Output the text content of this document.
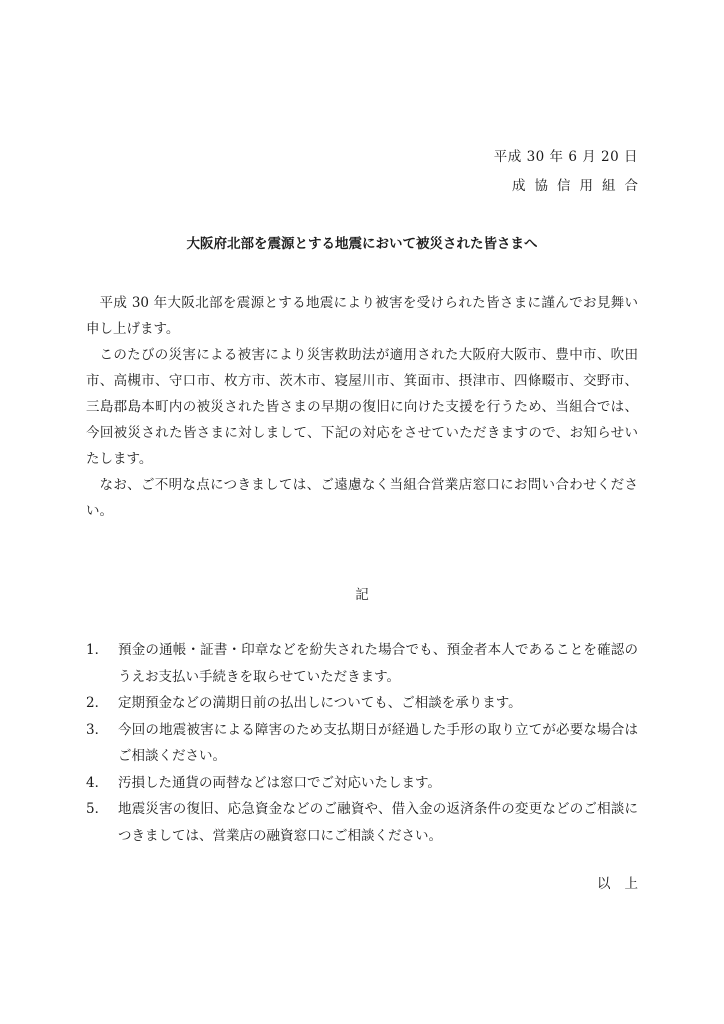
平成 30 年 6 月 20 日
成協信用組合
大阪府北部を震源とする地震において被災された皆さまへ

平成 30 年大阪北部を震源とする地震により被害を受けられた皆さまに謹んでお見舞い申し上げます。

このたびの災害による被害により災害救助法が適用された大阪府大阪市、豊中市、吹田市、高槻市、守口市、枚方市、茨木市、寝屋川市、箕面市、摂津市、四條畷市、交野市、三島郡島本町内の被災された皆さまの早期の復旧に向けた支援を行うため、当組合では、今回被災された皆さまに対しまして、下記の対応をさせていただきますので、お知らせいたします。

なお、ご不明な点につきましては、ご遠慮なく当組合営業店窓口にお問い合わせください。

記
1． 預金の通帳・証書・印章などを紛失された場合でも、預金者本人であることを確認のうえお支払い手続きを取らせていただきます。
2． 定期預金などの満期日前の払出しについても、ご相談を承ります。
3． 今回の地震被害による障害のため支払期日が経過した手形の取り立てが必要な場合はご相談ください。
4． 汚損した通貨の両替などは窓口でご対応いたします。
5． 地震災害の復旧、応急資金などのご融資や、借入金の返済条件の変更などのご相談につきましては、営業店の融資窓口にご相談ください。
以上
